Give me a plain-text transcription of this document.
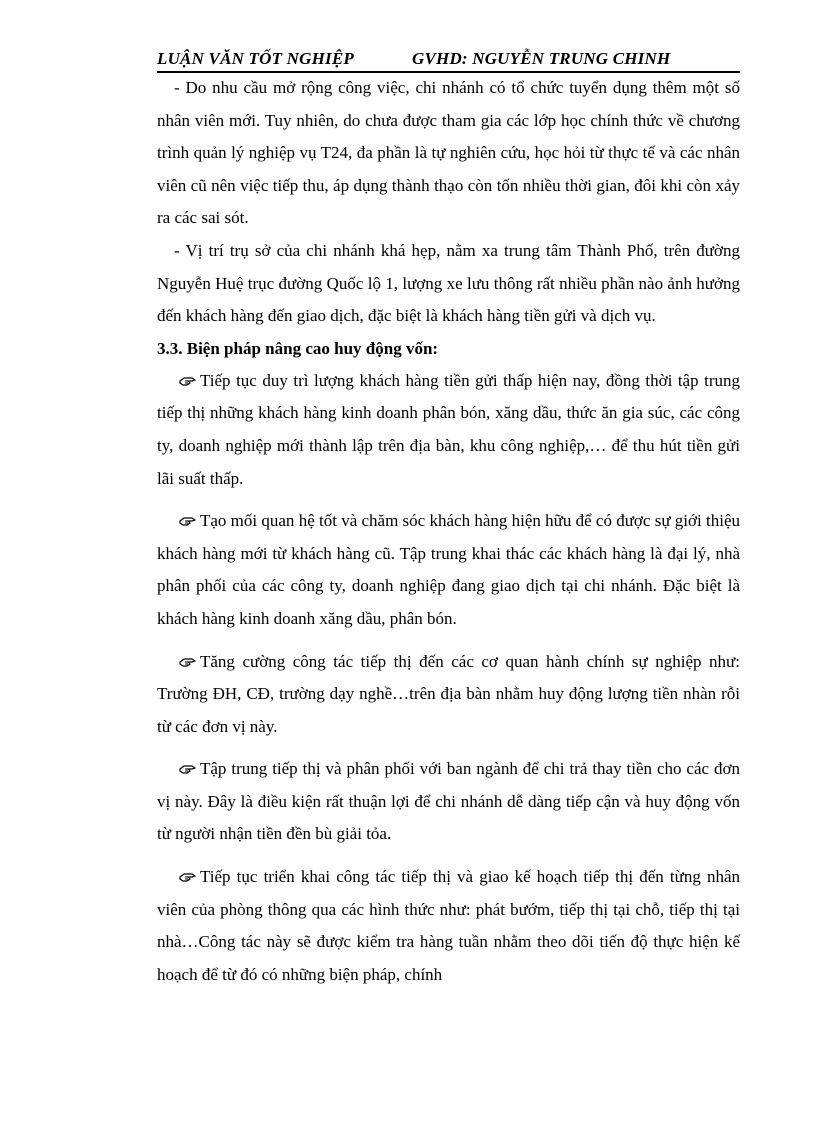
LUẬN VĂN TỐT NGHIỆP	GVHD: NGUYỄN TRUNG CHINH

- Do nhu cầu mở rộng công việc, chi nhánh có tổ chức tuyển dụng thêm một số nhân viên mới. Tuy nhiên, do chưa được tham gia các lớp học chính thức về chương trình quản lý nghiệp vụ T24, đa phần là tự nghiên cứu, học hỏi từ thực tế và các nhân viên cũ nên việc tiếp thu, áp dụng thành thạo còn tốn nhiều thời gian, đôi khi còn xảy ra các sai sót.

- Vị trí trụ sở của chi nhánh khá hẹp, nằm xa trung tâm Thành Phố, trên đường Nguyễn Huệ trục đường Quốc lộ 1, lượng xe lưu thông rất nhiều phần nào ảnh hưởng đến khách hàng đến giao dịch, đặc biệt là khách hàng tiền gửi và dịch vụ.

3.3. Biện pháp nâng cao huy động vốn:

Tiếp tục duy trì lượng khách hàng tiền gửi thấp hiện nay, đồng thời tập trung tiếp thị những khách hàng kinh doanh phân bón, xăng dầu, thức ăn gia súc, các công ty, doanh nghiệp mới thành lập trên địa bàn, khu công nghiệp,… để thu hút tiền gửi lãi suất thấp.

Tạo mối quan hệ tốt và chăm sóc khách hàng hiện hữu để có được sự giới thiệu khách hàng mới từ khách hàng cũ. Tập trung khai thác các khách hàng là đại lý, nhà phân phối của các công ty, doanh nghiệp đang giao dịch tại chi nhánh. Đặc biệt là khách hàng kinh doanh xăng dầu, phân bón.

Tăng cường công tác tiếp thị đến các cơ quan hành chính sự nghiệp như: Trường ĐH, CĐ, trường dạy nghề…trên địa bàn nhằm huy động lượng tiền nhàn rỗi từ các đơn vị này.

Tập trung tiếp thị và phân phối với ban ngành để chi trả thay tiền cho các đơn vị này. Đây là điều kiện rất thuận lợi để chi nhánh dễ dàng tiếp cận và huy động vốn từ người nhận tiền đền bù giải tỏa.

Tiếp tục triển khai công tác tiếp thị và giao kế hoạch tiếp thị đến từng nhân viên của phòng thông qua các hình thức như: phát bướm, tiếp thị tại chỗ, tiếp thị tại nhà…Công tác này sẽ được kiểm tra hàng tuần nhằm theo dõi tiến độ thực hiện kế hoạch để từ đó có những biện pháp, chính
